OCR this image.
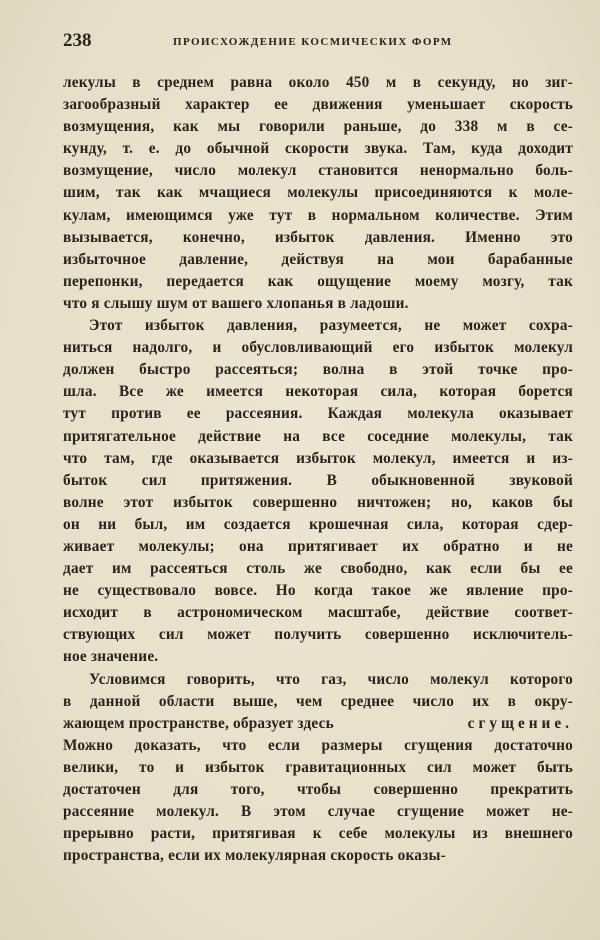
238	ПРОИСХОЖДЕНИЕ КОСМИЧЕСКИХ ФОРМ
лекулы в среднем равна около 450 м в секунду, но зиг-
загообразный характер ее движения уменьшает скорость
возмущения, как мы говорили раньше, до 338 м в се-
кунду, т. е. до обычной скорости звука. Там, куда доходит
возмущение, число молекул становится ненормально боль-
шим, так как мчащиеся молекулы присоединяются к моле-
кулам, имеющимся уже тут в нормальном количестве. Этим
вызывается, конечно, избыток давления. Именно это
избыточное давление, действуя на мои барабанные
перепонки, передается как ощущение моему мозгу, так
что я слышу шум от вашего хлопанья в ладоши.
Этот избыток давления, разумеется, не может сохра-
ниться надолго, и обусловливающий его избыток молекул
должен быстро рассеяться; волна в этой точке про-
шла. Все же имеется некоторая сила, которая борется
тут против ее рассеяния. Каждая молекула оказывает
притягательное действие на все соседние молекулы, так
что там, где оказывается избыток молекул, имеется и из-
быток сил притяжения. В обыкновенной звуковой
волне этот избыток совершенно ничтожен; но, каков бы
он ни был, им создается крошечная сила, которая сдер-
живает молекулы; она притягивает их обратно и не
дает им рассеяться столь же свободно, как если бы ее
не существовало вовсе. Но когда такое же явление про-
исходит в астрономическом масштабе, действие соответ-
ствующих сил может получить совершенно исключитель-
ное значение.
Условимся говорить, что газ, число молекул которого
в данной области выше, чем среднее число их в окру-
жающем пространстве, образует здесь	сгущение.
Можно доказать, что если размеры сгущения достаточно
велики, то и избыток гравитационных сил может быть
достаточен для того, чтобы совершенно прекратить
рассеяние молекул. В этом случае сгущение может не-
прерывно расти, притягивая к себе молекулы из внешнего
пространства, если их молекулярная скорость оказы-
